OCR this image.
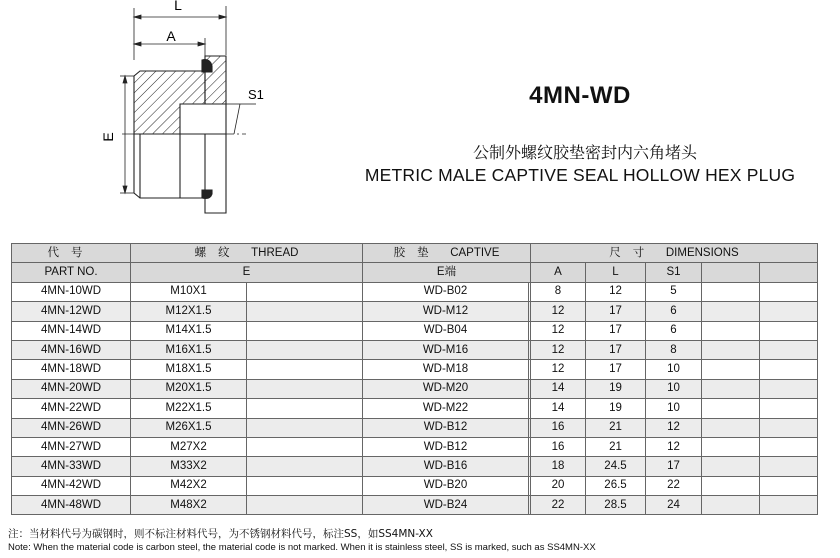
L
A
E
S1	4MN-WD
公制外螺纹胶垫密封内六角堵头
METRIC MALE CAPTIVE SEAL HOLLOW HEX PLUG
代号	螺纹 THREAD		胶垫 CAPTIVE		尺寸 DIMENSIONS				
PART NO.	E		E端		A	L	S1		
4MN-10WD	M10X1		WD-B02		8	12	5		
4MN-12WD	M12X1.5		WD-M12		12	17	6		
4MN-14WD	M14X1.5		WD-B04		12	17	6		
4MN-16WD	M16X1.5		WD-M16		12	17	8		
4MN-18WD	M18X1.5		WD-M18		12	17	10		
4MN-20WD	M20X1.5		WD-M20		14	19	10		
4MN-22WD	M22X1.5		WD-M22		14	19	10		
4MN-26WD	M26X1.5		WD-B12		16	21	12		
4MN-27WD	M27X2		WD-B12		16	21	12		
4MN-33WD	M33X2		WD-B16		18	24.5	17		
4MN-42WD	M42X2		WD-B20		20	26.5	22		
4MN-48WD	M48X2		WD-B24		22	28.5	24		
注：当材料代号为碳钢时，则不标注材料代号，为不锈钢材料代号，标注SS，如SS4MN-XX
Note: When the material code is carbon steel, the material code is not marked. When it is stainless steel, SS is marked, such as SS4MN-XX
